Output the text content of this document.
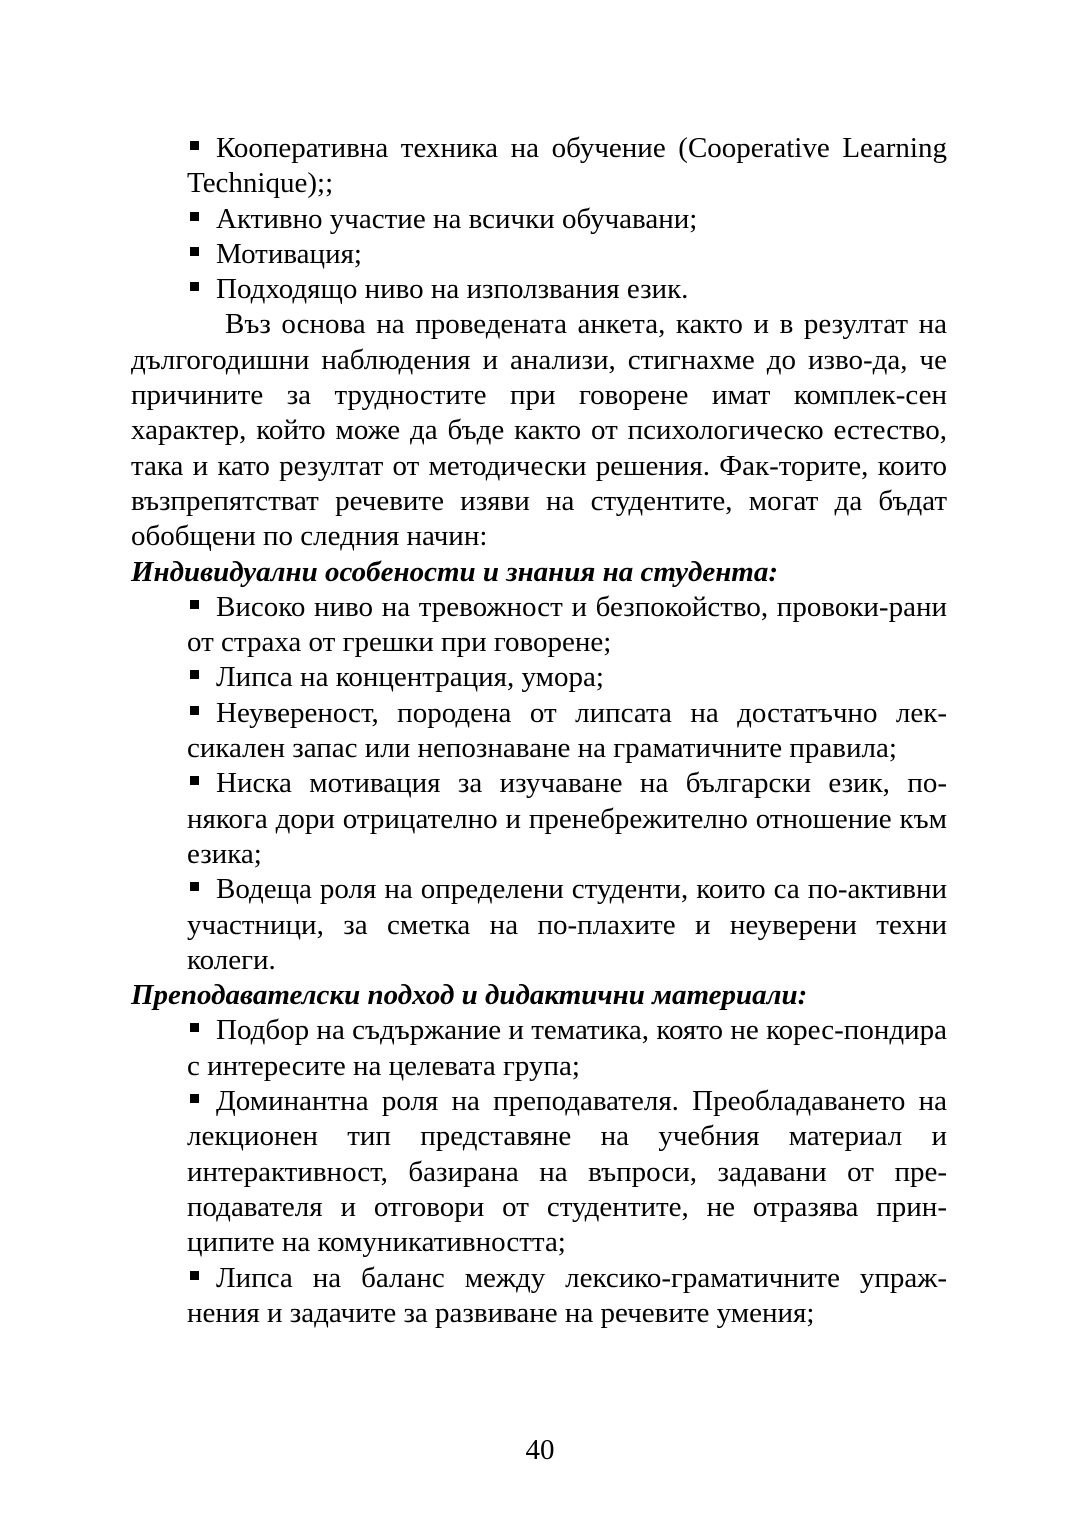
Кооперативна техника на обучение (Cooperative Learning Technique);;
Активно участие на всички обучавани;
Мотивация;
Подходящо ниво на използвания език.

Въз основа на проведената анкета, както и в резултат на дългогодишни наблюдения и анализи, стигнахме до изво-да, че причините за трудностите при говорене имат комплек-сен характер, който може да бъде както от психологическо естество, така и като резултат от методически решения. Фак-торите, които възпрепятстват речевите изяви на студентите, могат да бъдат обобщени по следния начин:

Индивидуални особености и знания на студента:

Високо ниво на тревожност и безпокойство, провоки-рани от страха от грешки при говорене;
Липса на концентрация, умора;
Неувереност, породена от липсата на достатъчно лек-сикален запас или непознаване на граматичните правила;
Ниска мотивация за изучаване на български език, по-някога дори отрицателно и пренебрежително отношение към езика;
Водеща роля на определени студенти, които са по-активни участници, за сметка на по-плахите и неуверени техни колеги.

Преподавателски подход и дидактични материали:

Подбор на съдържание и тематика, която не корес-пондира с интересите на целевата група;
Доминантна роля на преподавателя. Преобладаването на лекционен тип представяне на учебния материал и интерактивност, базирана на въпроси, задавани от пре-подавателя и отговори от студентите, не отразява прин-ципите на комуникативността;
Липса на баланс между лексико-граматичните упраж-нения и задачите за развиване на речевите умения;
40
